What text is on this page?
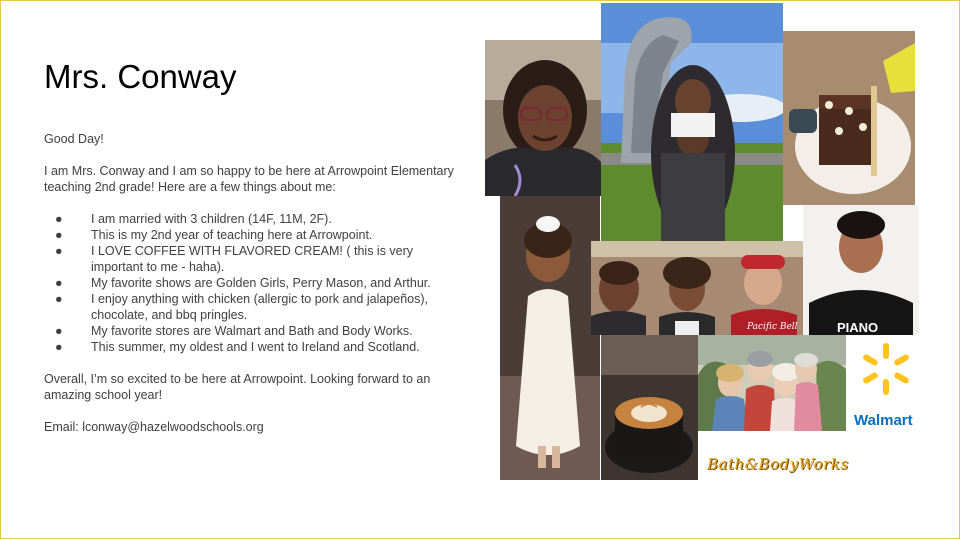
Mrs. Conway

Good Day!

I am Mrs. Conway and I am so happy to be here at Arrowpoint Elementary teaching 2nd grade! Here are a few things about me:

● I am married with 3 children (14F, 11M, 2F).
● This is my 2nd year of teaching here at Arrowpoint.
● I LOVE COFFEE WITH FLAVORED CREAM! ( this is very important to me - haha).
● My favorite shows are Golden Girls, Perry Mason, and Arthur.
● I enjoy anything with chicken (allergic to pork and jalapeños), chocolate, and bbq pringles.
● My favorite stores are Walmart and Bath and Body Works.
● This summer, my oldest and I went to Ireland and Scotland.

Overall, I’m so excited to be here at Arrowpoint. Looking forward to an amazing school year!

Email: lconway@hazelwoodschools.org

Pacific Bell	PIANO
Walmart
Bath&BodyWorks
